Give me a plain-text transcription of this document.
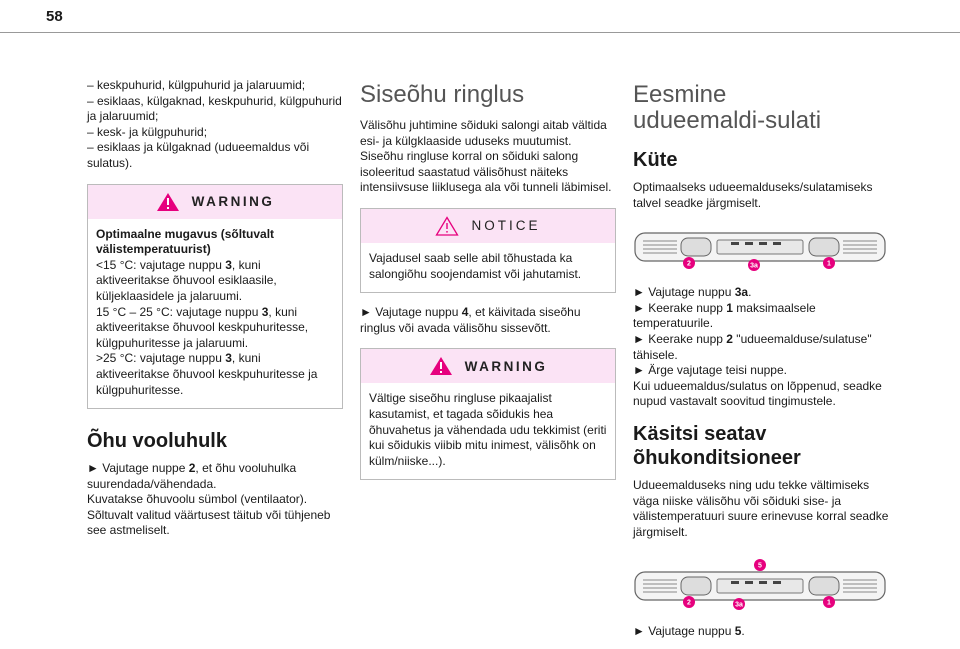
58

– keskpuhurid, külgpuhurid ja jalaruumid;

– esiklaas, külgaknad, keskpuhurid, külgpuhurid ja jalaruumid;

– kesk- ja külgpuhurid;

– esiklaas ja külgaknad (udueemaldus või sulatus).

WARNING

Optimaalne mugavus (sõltuvalt välistemperatuurist)

<15 °C: vajutage nuppu 3, kuni aktiveeritakse õhuvool esiklaasile, küljeklaasidele ja jalaruumi.

15 °C – 25 °C: vajutage nuppu 3, kuni aktiveeritakse õhuvool keskpuhuritesse, külgpuhuritesse ja jalaruumi.

>25 °C: vajutage nuppu 3, kuni aktiveeritakse õhuvool keskpuhuritesse ja külgpuhuritesse.

Õhu vooluhulk

► Vajutage nuppe 2, et õhu vooluhulka suurendada/vähendada.

Kuvatakse õhuvoolu sümbol (ventilaator). Sõltuvalt valitud väärtusest täitub või tühjeneb see astmeliselt.

Siseõhu ringlus

Välisõhu juhtimine sõiduki salongi aitab vältida esi- ja külgklaaside uduseks muutumist. Siseõhu ringluse korral on sõiduki salong isoleeritud saastatud välisõhust näiteks intensiivsuse liiklusega ala või tunneli läbimisel.

NOTICE

Vajadusel saab selle abil tõhustada ka salongiõhu soojendamist või jahutamist.

► Vajutage nuppu 4, et käivitada siseõhu ringlus või avada välisõhu sissevõtt.

WARNING

Vältige siseõhu ringluse pikaajalist kasutamist, et tagada sõidukis hea õhuvahetus ja vähendada udu tekkimist (eriti kui sõidukis viibib mitu inimest, välisõhk on külm/niiske...).

Eesmine
udueemaldi-sulati
Küte

Optimaalseks udueemalduseks/sulatamiseks talvel seadke järgmiselt.

2	3a	1

► Vajutage nuppu 3a.

► Keerake nupp 1 maksimaalsele temperatuurile.

► Keerake nupp 2 "udueemalduse/sulatuse" tähisele.

► Ärge vajutage teisi nuppe.

Kui udueemaldus/sulatus on lõppenud, seadke nupud vastavalt soovitud tingimustele.

Käsitsi seatav
õhukonditsioneer

Udueemalduseks ning udu tekke vältimiseks väga niiske välisõhu või sõiduki sise- ja välistemperatuuri suure erinevuse korral seadke järgmiselt.

5
2	3a	1

► Vajutage nuppu 5.
